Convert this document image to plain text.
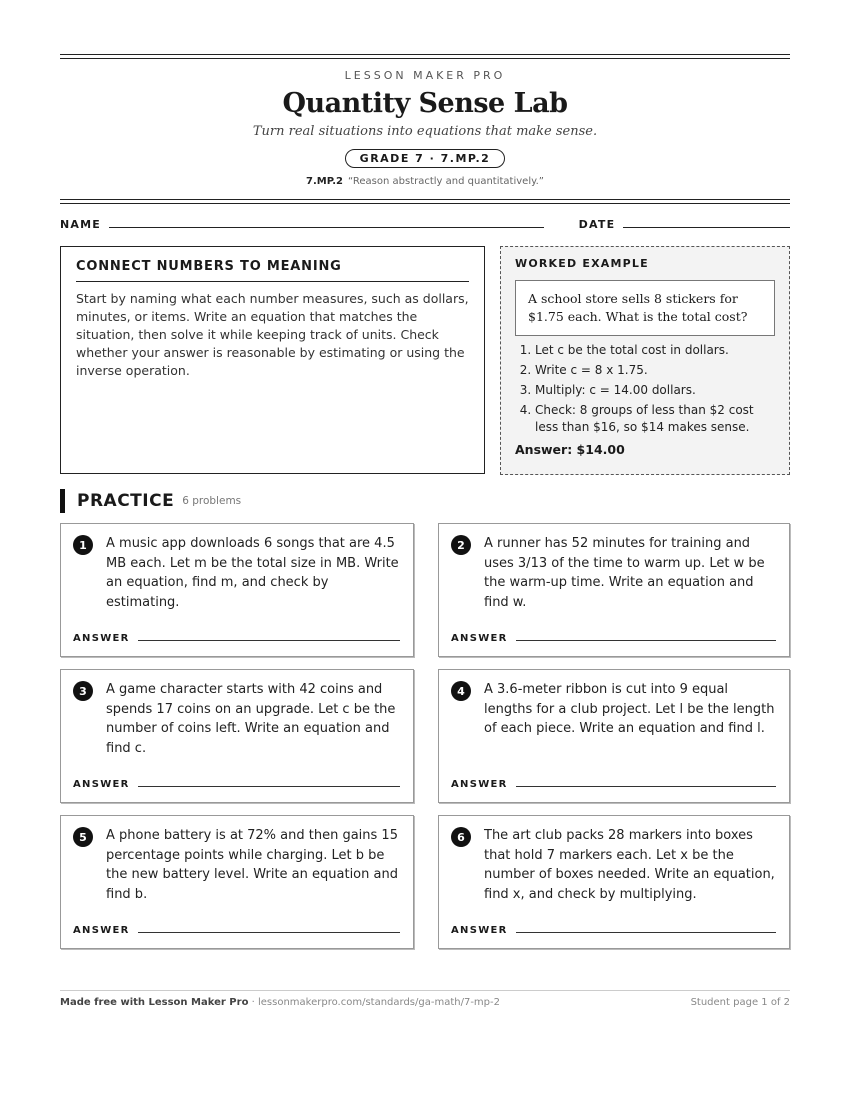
LESSON MAKER PRO
Quantity Sense Lab
Turn real situations into equations that make sense.
GRADE 7 · 7.MP.2
7.MP.2 “Reason abstractly and quantitatively.”
NAME	DATE
CONNECT NUMBERS TO MEANING

Start by naming what each number measures, such as dollars, minutes, or items. Write an equation that matches the situation, then solve it while keeping track of units. Check whether your answer is reasonable by estimating or using the inverse operation.

WORKED EXAMPLE
A school store sells 8 stickers for $1.75 each. What is the total cost?
1. Let c be the total cost in dollars.
2. Write c = 8 x 1.75.
3. Multiply: c = 14.00 dollars.
4. Check: 8 groups of less than $2 cost less than $16, so $14 makes sense.
Answer: $14.00
PRACTICE 6 problems
1	A music app downloads 6 songs that are 4.5 MB each. Let m be the total size in MB. Write an equation, find m, and check by estimating.
ANSWER
2	A runner has 52 minutes for training and uses 3/13 of the time to warm up. Let w be the warm-up time. Write an equation and find w.
ANSWER
3	A game character starts with 42 coins and spends 17 coins on an upgrade. Let c be the number of coins left. Write an equation and find c.
ANSWER
4	A 3.6-meter ribbon is cut into 9 equal lengths for a club project. Let l be the length of each piece. Write an equation and find l.
ANSWER
5	A phone battery is at 72% and then gains 15 percentage points while charging. Let b be the new battery level. Write an equation and find b.
ANSWER
6	The art club packs 28 markers into boxes that hold 7 markers each. Let x be the number of boxes needed. Write an equation, find x, and check by multiplying.
ANSWER
Made free with Lesson Maker Pro · lessonmakerpro.com/standards/ga-math/7-mp-2	Student page 1 of 2
